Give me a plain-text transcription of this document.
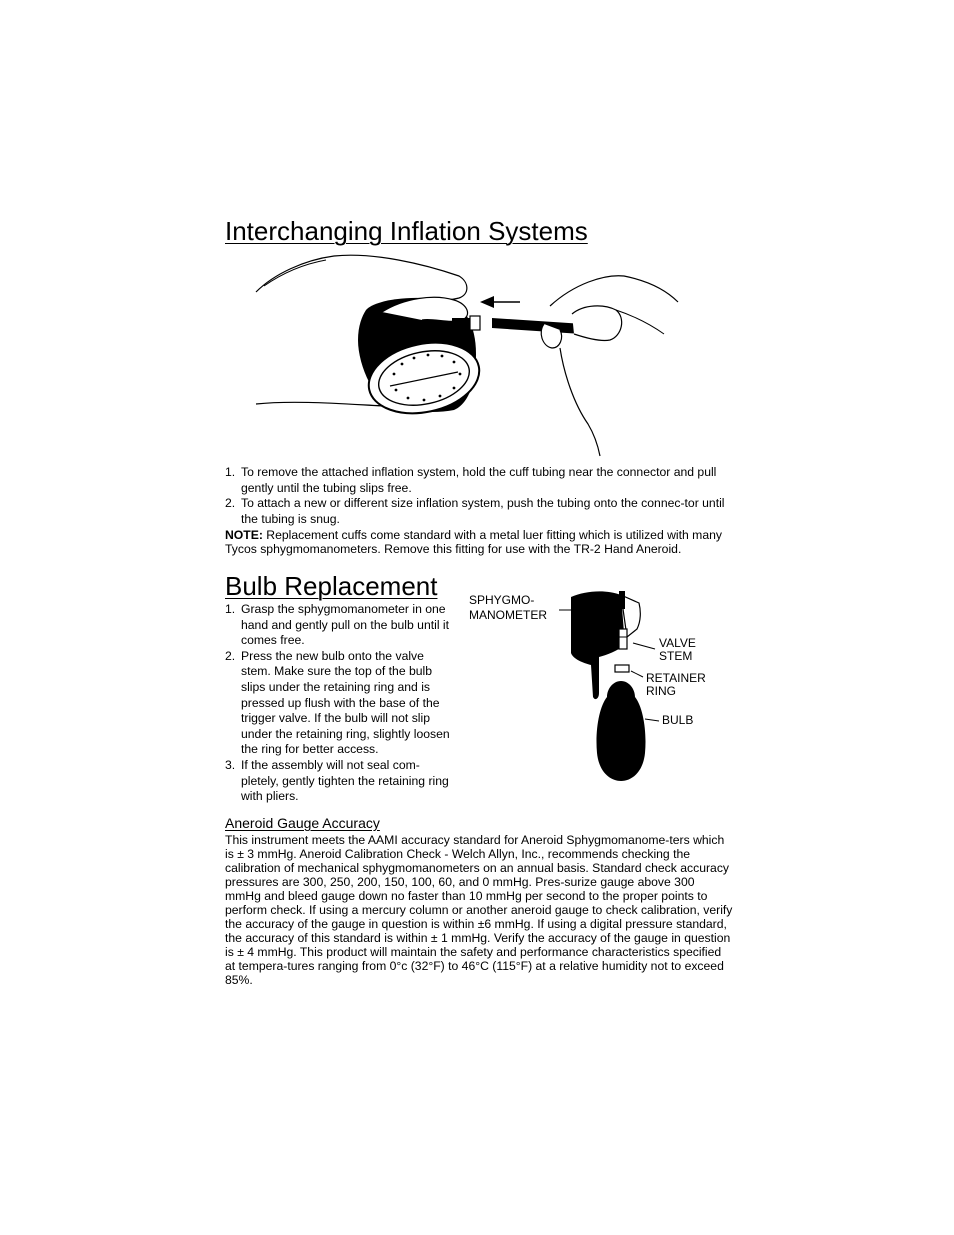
Interchanging Inflation Systems
1. To remove the attached inflation system, hold the cuff tubing near the connector and pull gently until the tubing slips free.
2. To attach a new or different size inflation system, push the tubing onto the connec-tor until the tubing is snug.

NOTE: Replacement cuffs come standard with a metal luer fitting which is utilized with many Tycos sphygmomanometers. Remove this fitting for use with the TR-2 Hand Aneroid.

Bulb Replacement
1. Grasp the sphygmomanometer in one hand and gently pull on the bulb until it comes free.
2. Press the new bulb onto the valve stem. Make sure the top of the bulb slips under the retaining ring and is pressed up flush with the base of the trigger valve. If the bulb will not slip under the retaining ring, slightly loosen the ring for better access.
3. If the assembly will not seal com-pletely, gently tighten the retaining ring with pliers.
SPHYGMO-
MANOMETER
VALVE
STEM
RETAINER
RING
BULB
Aneroid Gauge Accuracy

This instrument meets the AAMI accuracy standard for Aneroid Sphygmomanome-ters which is ± 3 mmHg. Aneroid Calibration Check - Welch Allyn, Inc., recommends checking the calibration of mechanical sphygmomanometers on an annual basis. Standard check accuracy pressures are 300, 250, 200, 150, 100, 60, and 0 mmHg. Pres-surize gauge above 300 mmHg and bleed gauge down no faster than 10 mmHg per second to the proper points to perform check. If using a mercury column or another aneroid gauge to check calibration, verify the accuracy of the gauge in question is within ±6 mmHg. If using a digital pressure standard, the accuracy of this standard is within ± 1 mmHg. Verify the accuracy of the gauge in question is ± 4 mmHg. This product will maintain the safety and performance characteristics specified at tempera-tures ranging from 0°c (32°F) to 46°C (115°F) at a relative humidity not to exceed 85%.
